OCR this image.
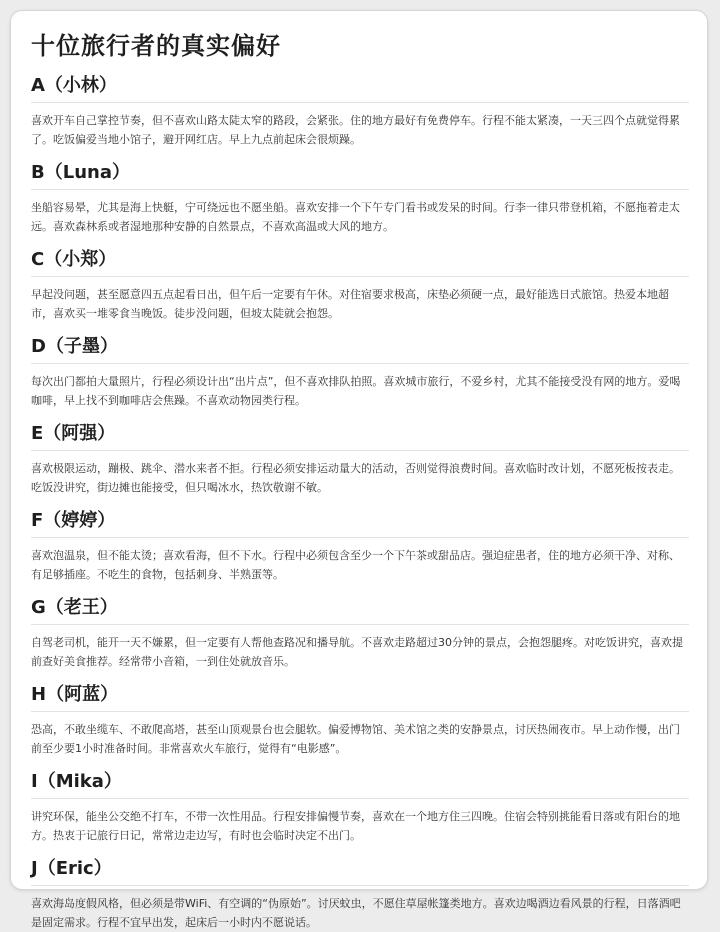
十位旅行者的真实偏好
A（小林）

喜欢开车自己掌控节奏，但不喜欢山路太陡太窄的路段，会紧张。住的地方最好有免费停车。行程不能太紧凑，一天三四个点就觉得累了。吃饭偏爱当地小馆子，避开网红店。早上九点前起床会很烦躁。

B（Luna）

坐船容易晕，尤其是海上快艇，宁可绕远也不愿坐船。喜欢安排一个下午专门看书或发呆的时间。行李一律只带登机箱，不愿拖着走太远。喜欢森林系或者湿地那种安静的自然景点，不喜欢高温或大风的地方。

C（小郑）

早起没问题，甚至愿意四五点起看日出，但午后一定要有午休。对住宿要求极高，床垫必须硬一点，最好能选日式旅馆。热爱本地超市，喜欢买一堆零食当晚饭。徒步没问题，但坡太陡就会抱怨。

D（子墨）

每次出门都拍大量照片，行程必须设计出“出片点”，但不喜欢排队拍照。喜欢城市旅行，不爱乡村，尤其不能接受没有网的地方。爱喝咖啡，早上找不到咖啡店会焦躁。不喜欢动物园类行程。

E（阿强）

喜欢极限运动，蹦极、跳伞、潜水来者不拒。行程必须安排运动量大的活动，否则觉得浪费时间。喜欢临时改计划，不愿死板按表走。吃饭没讲究，街边摊也能接受，但只喝冰水，热饮敬谢不敏。

F（婷婷）

喜欢泡温泉，但不能太烫；喜欢看海，但不下水。行程中必须包含至少一个下午茶或甜品店。强迫症患者，住的地方必须干净、对称、有足够插座。不吃生的食物，包括刺身、半熟蛋等。

G（老王）

自驾老司机，能开一天不嫌累，但一定要有人帮他查路况和播导航。不喜欢走路超过30分钟的景点，会抱怨腿疼。对吃饭讲究，喜欢提前查好美食推荐。经常带小音箱，一到住处就放音乐。

H（阿蓝）

恐高，不敢坐缆车、不敢爬高塔，甚至山顶观景台也会腿软。偏爱博物馆、美术馆之类的安静景点，讨厌热闹夜市。早上动作慢，出门前至少要1小时准备时间。非常喜欢火车旅行，觉得有“电影感”。

I（Mika）

讲究环保，能坐公交绝不打车，不带一次性用品。行程安排偏慢节奏，喜欢在一个地方住三四晚。住宿会特别挑能看日落或有阳台的地方。热衷于记旅行日记，常常边走边写，有时也会临时决定不出门。

J（Eric）

喜欢海岛度假风格，但必须是带WiFi、有空调的“伪原始”。讨厌蚊虫，不愿住草屋帐篷类地方。喜欢边喝酒边看风景的行程，日落酒吧是固定需求。行程不宜早出发，起床后一小时内不愿说话。
